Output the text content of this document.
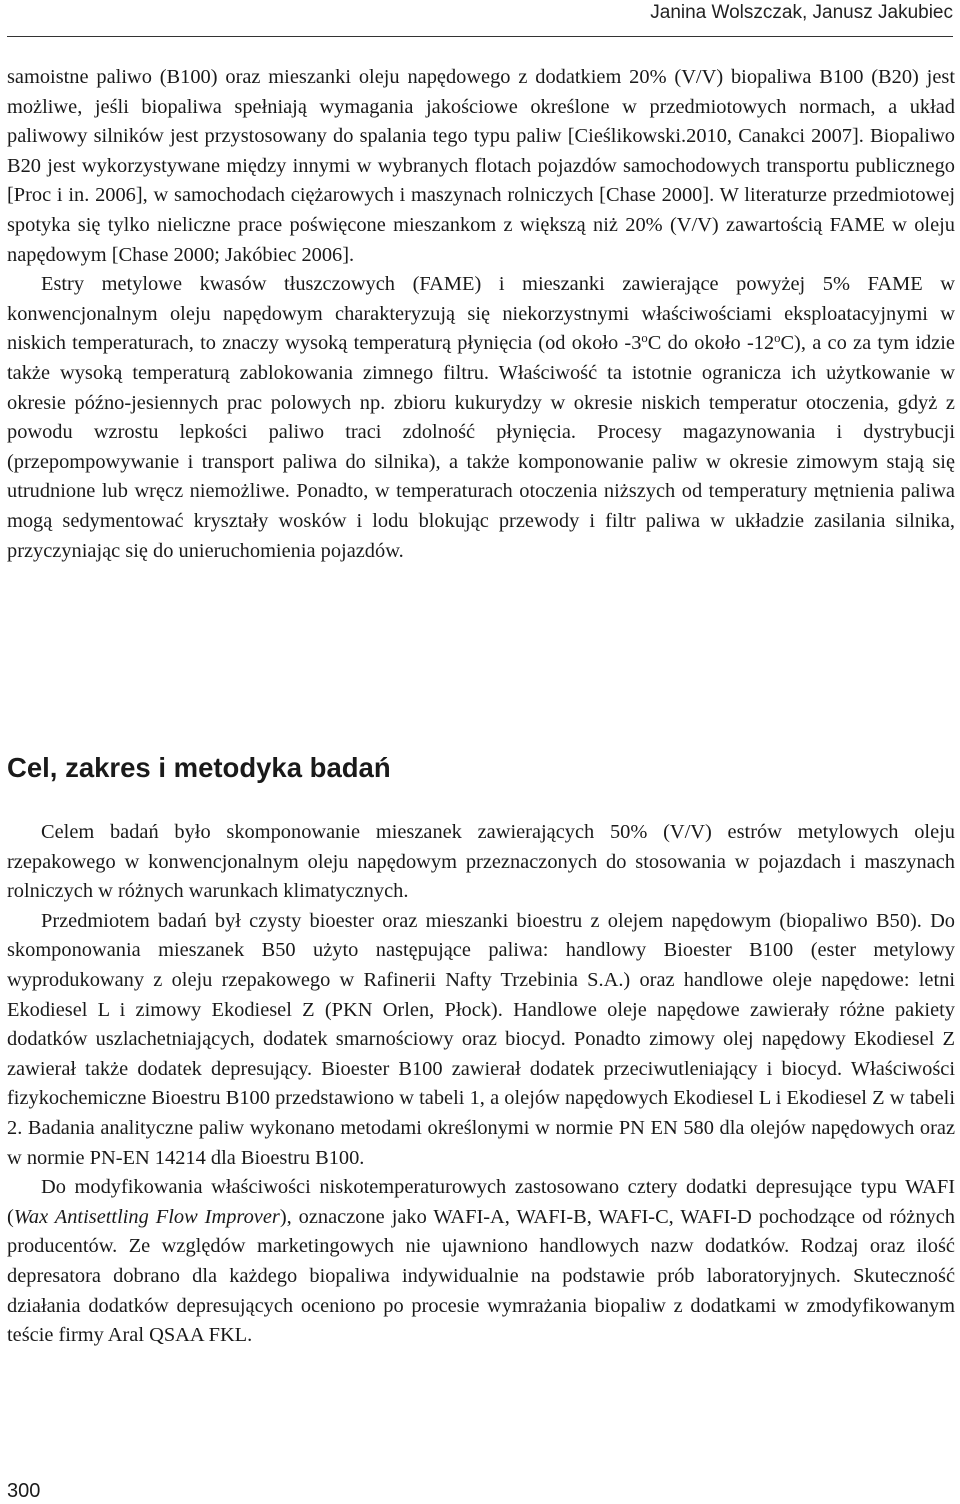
Janina Wolszczak, Janusz Jakubiec

samoistne paliwo (B100) oraz mieszanki oleju napędowego z dodatkiem 20% (V/V) biopaliwa B100 (B20) jest możliwe, jeśli biopaliwa spełniają wymagania jakościowe określone w przedmiotowych normach, a układ paliwowy silników jest przystosowany do spalania tego typu paliw [Cieślikowski.2010, Canakci 2007]. Biopaliwo B20 jest wykorzystywane między innymi w wybranych flotach pojazdów samochodowych transportu publicznego [Proc i in. 2006], w samochodach ciężarowych i maszynach rolniczych [Chase 2000]. W literaturze przedmiotowej spotyka się tylko nieliczne prace poświęcone mieszankom z większą niż 20% (V/V) zawartością FAME w oleju napędowym [Chase 2000; Jakóbiec 2006].

Estry metylowe kwasów tłuszczowych (FAME) i mieszanki zawierające powyżej 5% FAME w konwencjonalnym oleju napędowym charakteryzują się niekorzystnymi właściwościami eksploatacyjnymi w niskich temperaturach, to znaczy wysoką temperaturą płynięcia (od około -3$^o$C do około -12$^o$C), a co za tym idzie także wysoką temperaturą zablokowania zimnego filtru. Właściwość ta istotnie ogranicza ich użytkowanie w okresie późno-jesiennych prac polowych np. zbioru kukurydzy w okresie niskich temperatur otoczenia, gdyż z powodu wzrostu lepkości paliwo traci zdolność płynięcia. Procesy magazynowania i dystrybucji (przepompowywanie i transport paliwa do silnika), a także komponowanie paliw w okresie zimowym stają się utrudnione lub wręcz niemożliwe. Ponadto, w temperaturach otoczenia niższych od temperatury mętnienia paliwa mogą sedymentować kryształy wosków i lodu blokując przewody i filtr paliwa w układzie zasilania silnika, przyczyniając się do unieruchomienia pojazdów.

Cel, zakres i metodyka badań

Celem badań było skomponowanie mieszanek zawierających 50% (V/V) estrów metylowych oleju rzepakowego w konwencjonalnym oleju napędowym przeznaczonych do stosowania w pojazdach i maszynach rolniczych w różnych warunkach klimatycznych.

Przedmiotem badań był czysty bioester oraz mieszanki bioestru z olejem napędowym (biopaliwo B50). Do skomponowania mieszanek B50 użyto następujące paliwa: handlowy Bioester B100 (ester metylowy wyprodukowany z oleju rzepakowego w Rafinerii Nafty Trzebinia S.A.) oraz handlowe oleje napędowe: letni Ekodiesel L i zimowy Ekodiesel Z (PKN Orlen, Płock). Handlowe oleje napędowe zawierały różne pakiety dodatków uszlachetniających, dodatek smarnościowy oraz biocyd. Ponadto zimowy olej napędowy Ekodiesel Z zawierał także dodatek depresujący. Bioester B100 zawierał dodatek przeciwutleniający i biocyd. Właściwości fizykochemiczne Bioestru B100 przedstawiono w tabeli 1, a olejów napędowych Ekodiesel L i Ekodiesel Z w tabeli 2. Badania analityczne paliw wykonano metodami określonymi w normie PN EN 580 dla olejów napędowych oraz w normie PN-EN 14214 dla Bioestru B100.

Do modyfikowania właściwości niskotemperaturowych zastosowano cztery dodatki depresujące typu WAFI (Wax Antisettling Flow Improver), oznaczone jako WAFI-A, WAFI-B, WAFI-C, WAFI-D pochodzące od różnych producentów. Ze względów marketingowych nie ujawniono handlowych nazw dodatków. Rodzaj oraz ilość depresatora dobrano dla każdego biopaliwa indywidualnie na podstawie prób laboratoryjnych. Skuteczność działania dodatków depresujących oceniono po procesie wymrażania biopaliw z dodatkami w zmodyfikowanym teście firmy Aral QSAA FKL.

300
